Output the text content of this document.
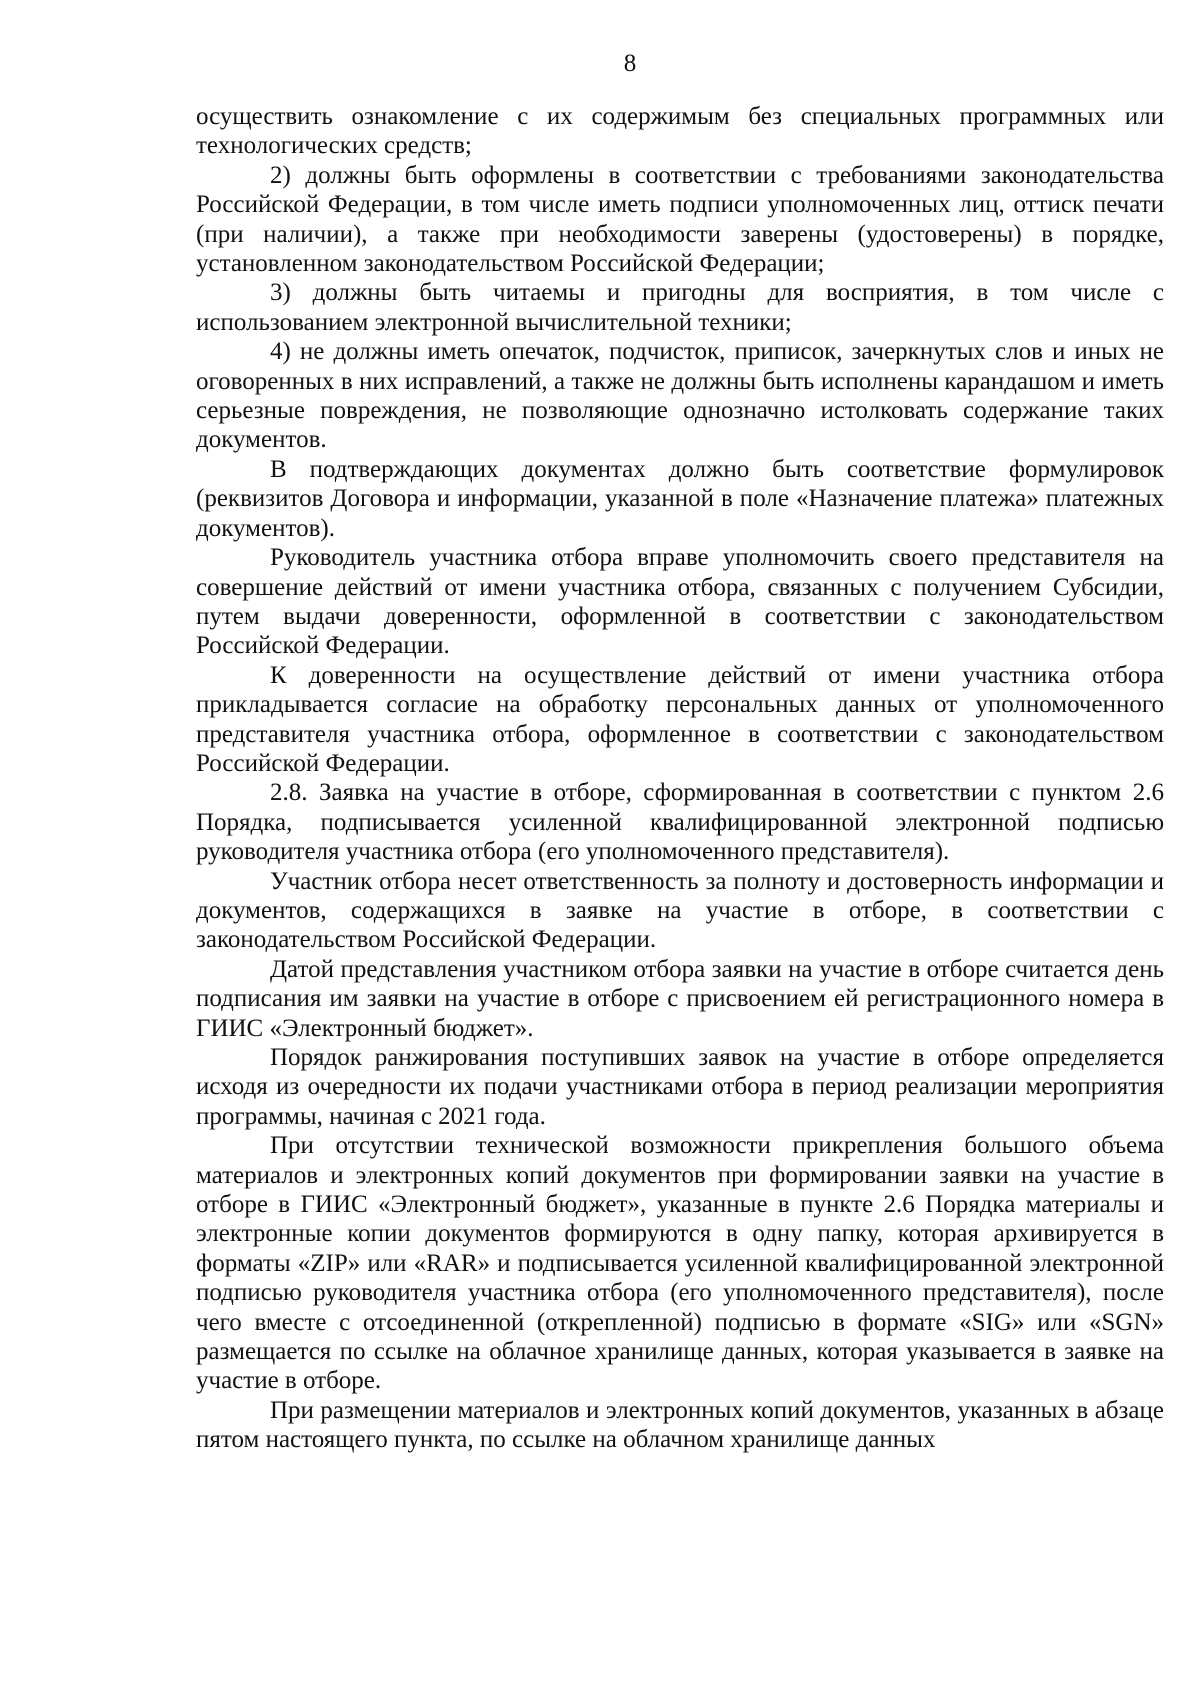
8

осуществить ознакомление с их содержимым без специальных программных или технологических средств;

2) должны быть оформлены в соответствии с требованиями законодательства Российской Федерации, в том числе иметь подписи уполномоченных лиц, оттиск печати (при наличии), а также при необходимости заверены (удостоверены) в порядке, установленном законодательством Российской Федерации;

3) должны быть читаемы и пригодны для восприятия, в том числе с использованием электронной вычислительной техники;

4) не должны иметь опечаток, подчисток, приписок, зачеркнутых слов и иных не оговоренных в них исправлений, а также не должны быть исполнены карандашом и иметь серьезные повреждения, не позволяющие однозначно истолковать содержание таких документов.

В подтверждающих документах должно быть соответствие формулировок (реквизитов Договора и информации, указанной в поле «Назначение платежа» платежных документов).

Руководитель участника отбора вправе уполномочить своего представителя на совершение действий от имени участника отбора, связанных с получением Субсидии, путем выдачи доверенности, оформленной в соответствии с законодательством Российской Федерации.

К доверенности на осуществление действий от имени участника отбора прикладывается согласие на обработку персональных данных от уполномоченного представителя участника отбора, оформленное в соответствии с законодательством Российской Федерации.

2.8. Заявка на участие в отборе, сформированная в соответствии с пунктом 2.6 Порядка, подписывается усиленной квалифицированной электронной подписью руководителя участника отбора (его уполномоченного представителя).

Участник отбора несет ответственность за полноту и достоверность информации и документов, содержащихся в заявке на участие в отборе, в соответствии с законодательством Российской Федерации.

Датой представления участником отбора заявки на участие в отборе считается день подписания им заявки на участие в отборе с присвоением ей регистрационного номера в ГИИС «Электронный бюджет».

Порядок ранжирования поступивших заявок на участие в отборе определяется исходя из очередности их подачи участниками отбора в период реализации мероприятия программы, начиная с 2021 года.

При отсутствии технической возможности прикрепления большого объема материалов и электронных копий документов при формировании заявки на участие в отборе в ГИИС «Электронный бюджет», указанные в пункте 2.6 Порядка материалы и электронные копии документов формируются в одну папку, которая архивируется в форматы «ZIP» или «RAR» и подписывается усиленной квалифицированной электронной подписью руководителя участника отбора (его уполномоченного представителя), после чего вместе с отсоединенной (открепленной) подписью в формате «SIG» или «SGN» размещается по ссылке на облачное хранилище данных, которая указывается в заявке на участие в отборе.

При размещении материалов и электронных копий документов, указанных в абзаце пятом настоящего пункта, по ссылке на облачном хранилище данных
